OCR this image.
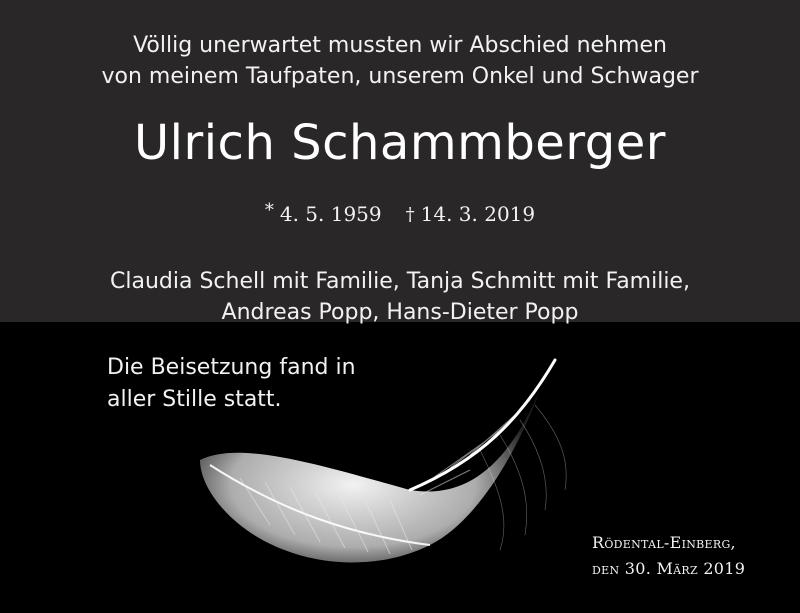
Völlig unerwartet mussten wir Abschied nehmen
von meinem Taufpaten, unserem Onkel und Schwager
Ulrich Schammberger
* 4. 5. 1959 † 14. 3. 2019
Claudia Schell mit Familie, Tanja Schmitt mit Familie,
Andreas Popp, Hans-Dieter Popp
Die Beisetzung fand in
aller Stille statt.
Rödental-Einberg,
den 30. März 2019
